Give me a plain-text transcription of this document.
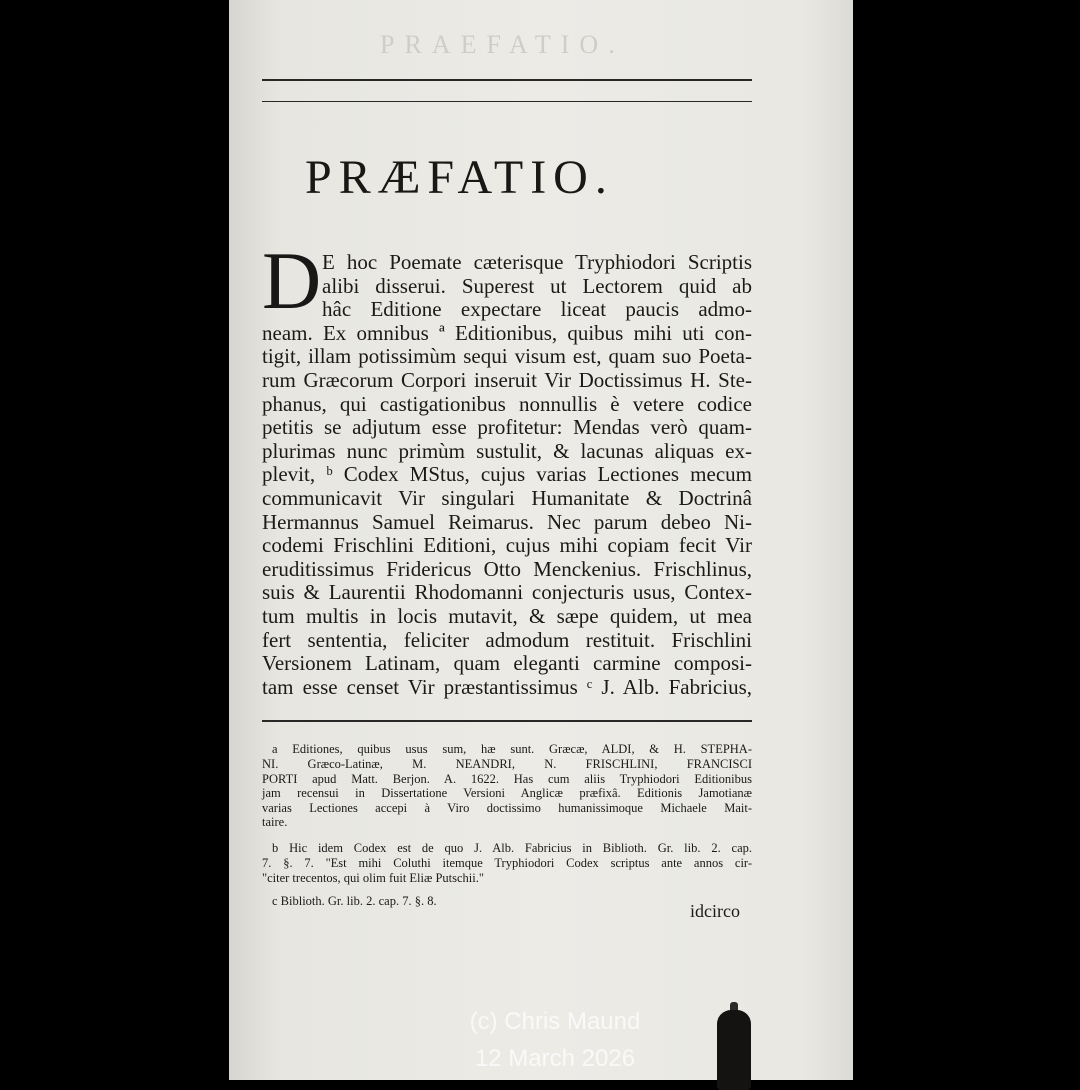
PRAEFATIO.
PRÆFATIO.
D E hoc Poemate cæterisque Tryphiodori Scriptis
alibi disserui. Superest ut Lectorem quid ab
hâc Editione expectare liceat paucis admo-
neam. Ex omnibus ª Editionibus, quibus mihi uti con-
tigit, illam potissimùm sequi visum est, quam suo Poeta-
rum Græcorum Corpori inseruit Vir Doctissimus H. Ste-
phanus, qui castigationibus nonnullis è vetere codice
petitis se adjutum esse profitetur: Mendas verò quam-
plurimas nunc primùm sustulit, & lacunas aliquas ex-
plevit, ᵇ Codex MStus, cujus varias Lectiones mecum
communicavit Vir singulari Humanitate & Doctrinâ
Hermannus Samuel Reimarus. Nec parum debeo Ni-
codemi Frischlini Editioni, cujus mihi copiam fecit Vir
eruditissimus Fridericus Otto Menckenius. Frischlinus,
suis & Laurentii Rhodomanni conjecturis usus, Contex-
tum multis in locis mutavit, & sæpe quidem, ut mea
fert sententia, feliciter admodum restituit. Frischlini
Versionem Latinam, quam eleganti carmine composi-
tam esse censet Vir præstantissimus ᶜ J. Alb. Fabricius,
a Editiones, quibus usus sum, hæ sunt. Græcæ, ALDI, & H. STEPHA-
NI. Græco-Latinæ, M. NEANDRI, N. FRISCHLINI, FRANCISCI
PORTI apud Matt. Berjon. A. 1622. Has cum aliis Tryphiodori Editionibus
jam recensui in Dissertatione Versioni Anglicæ præfixâ. Editionis Jamotianæ
varias Lectiones accepi à Viro doctissimo humanissimoque Michaele Mait-
taire.
b Hic idem Codex est de quo J. Alb. Fabricius in Biblioth. Gr. lib. 2. cap.
7. §. 7. "Est mihi Coluthi itemque Tryphiodori Codex scriptus ante annos cir-
"citer trecentos, qui olim fuit Eliæ Putschii."
c Biblioth. Gr. lib. 2. cap. 7. §. 8.	idcirco
(c) Chris Maund
12 March 2026
